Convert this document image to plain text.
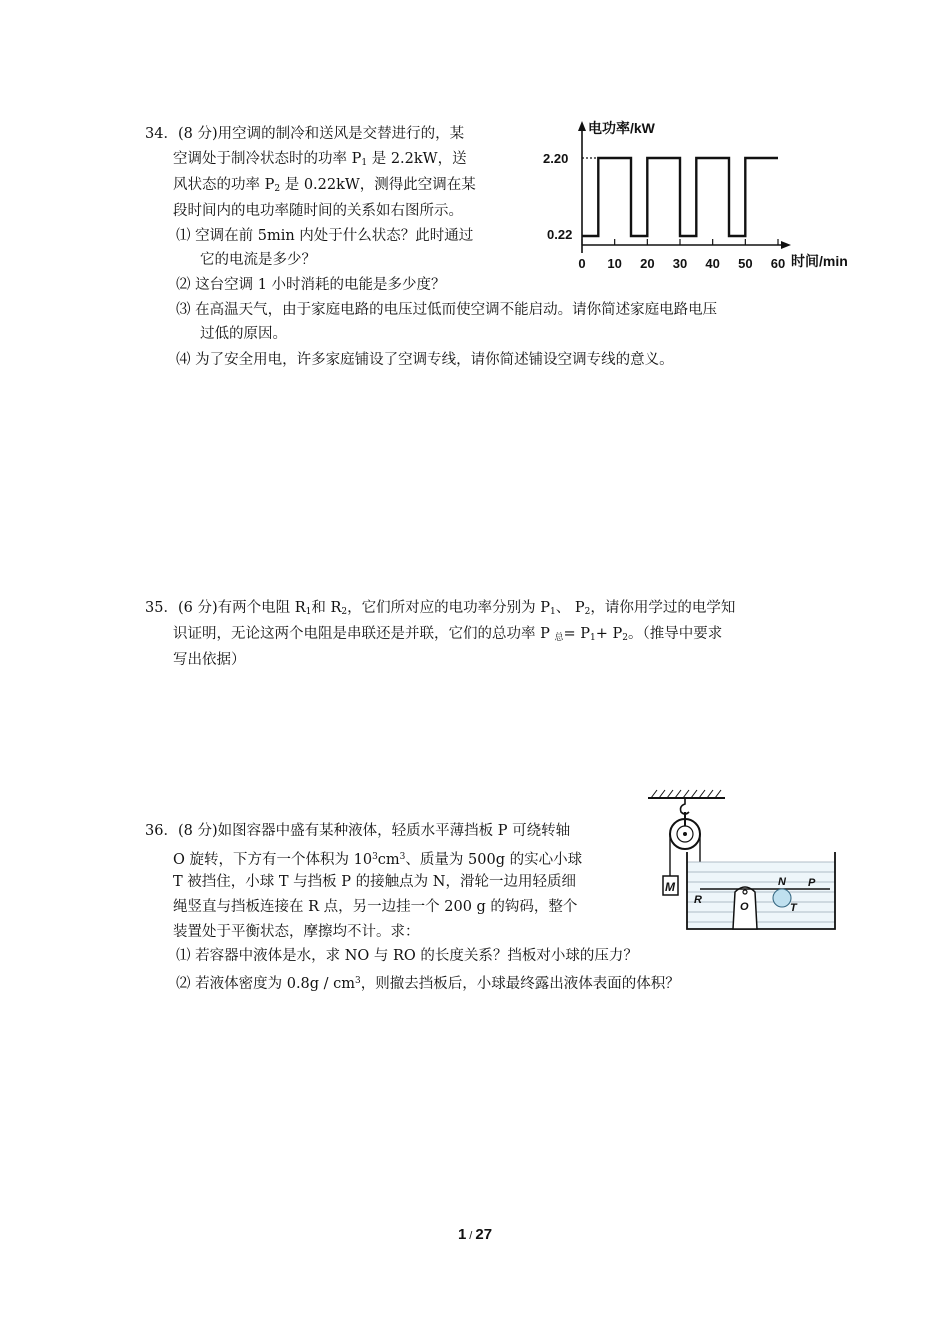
34．(8 分)用空调的制冷和送风是交替进行的，某
空调处于制冷状态时的功率 $P_1$ 是 2.2kW，送
风状态的功率 $P_2$ 是 0.22kW，测得此空调在某
段时间内的电功率随时间的关系如右图所示。
⑴ 空调在前 5min 内处于什么状态？此时通过
它的电流是多少？
⑵ 这台空调 1 小时消耗的电能是多少度？
⑶ 在高温天气，由于家庭电路的电压过低而使空调不能启动。请你简述家庭电路电压
过低的原因。
⑷ 为了安全用电，许多家庭铺设了空调专线，请你简述铺设空调专线的意义。
电功率/kW
时间/min
2.20
0.22
0 10 20 30 40 50 60
35．(6 分)有两个电阻 $R_1$和 $R_2$，它们所对应的电功率分别为 $P_1$、 $P_2$，请你用学过的电学知
识证明，无论这两个电阻是串联还是并联，它们的总功率 P $_总= P_1+ P_2$。（推导中要求
写出依据）
36．(8 分)如图容器中盛有某种液体，轻质水平薄挡板 P 可绕转轴
O 旋转，下方有一个体积为 $10^3cm^3$、质量为 500g 的实心小球
T 被挡住，小球 T 与挡板 P 的接触点为 N，滑轮一边用轻质细
绳竖直与挡板连接在 R 点，另一边挂一个 200 g 的钩码，整个
装置处于平衡状态，摩擦均不计。求：
⑴ 若容器中液体是水，求 NO 与 RO 的长度关系？挡板对小球的压力？
⑵ 若液体密度为 $0.8g / cm^3$，则撤去挡板后，小球最终露出液体表面的体积？
M
R
O
N P
T
1 / 27
